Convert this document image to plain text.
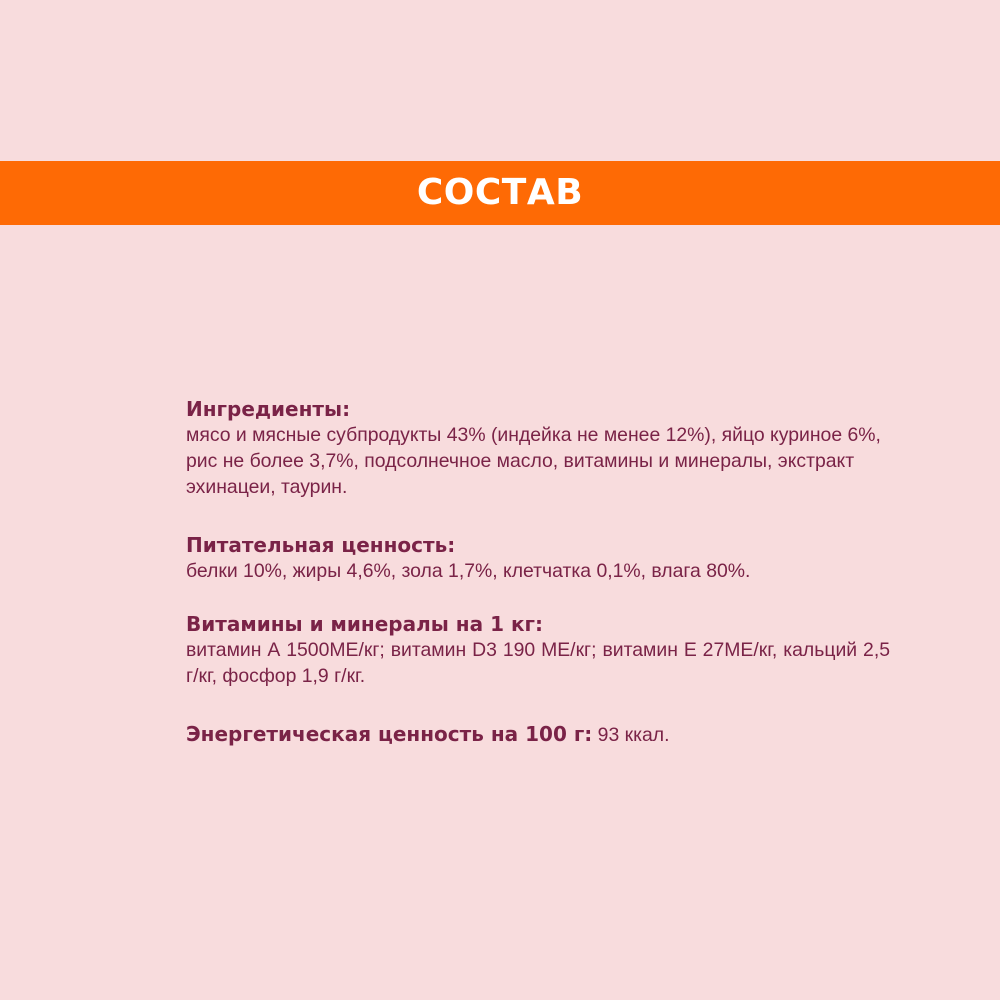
СОСТАВ

Ингредиенты:

мясо и мясные субпродукты 43% (индейка не менее 12%), яйцо куриное 6%, рис не более 3,7%, подсолнечное масло, витамины и минералы, экстракт эхинацеи, таурин.

Питательная ценность:

белки 10%, жиры 4,6%, зола 1,7%, клетчатка 0,1%, влага 80%.

Витамины и минералы на 1 кг:

витамин А 1500МЕ/кг; витамин D3 190 МЕ/кг; витамин Е 27МЕ/кг, кальций 2,5 г/кг, фосфор 1,9 г/кг.

Энергетическая ценность на 100 г: 93 ккал.
